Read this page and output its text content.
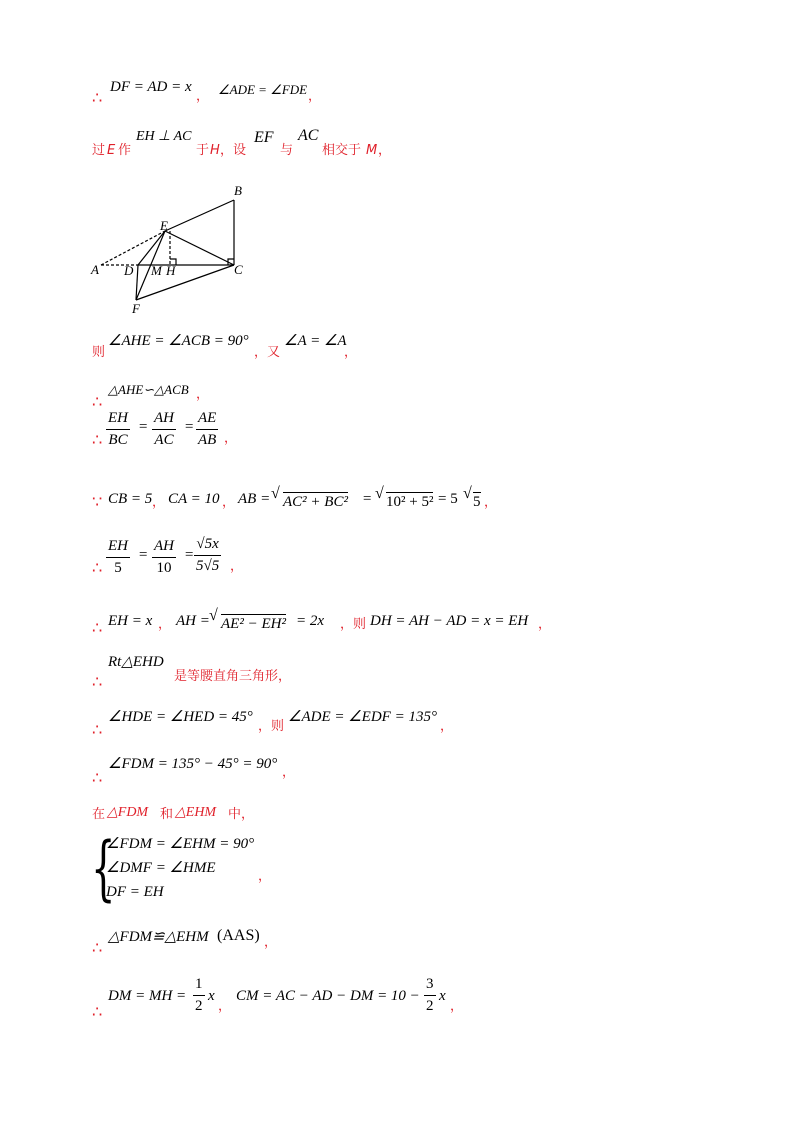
∴
DF = AD = x
， ∠ADE = ∠FDE ，
过 E 作
EH ⊥ AC
于 H ，设
EF
与
AC
相交于 M ，
B
E
A D M H	C
F
则
∠AHE = ∠ACB = 90°
，又
∠A = ∠A
，
∴
△AHE∽△ACB ，
∴ $\frac{EH}{BC} = \frac{AH}{AC} = \frac{AE}{AB}$ ，
∵ CB = 5 ， CA = 10 ， AB = √ AC² + BC² = √ 10² + 5² = 5 √ 5 ，
∴ $\frac{EH}{5} = \frac{AH}{10} = \frac{√5x}{5√5}$ ，
∴ EH = x ， AH = √ AE² − EH² = 2x ，则 DH = AH − AD = x = EH ，
∴
Rt△EHD
是等腰直角三角形，
∴
∠HDE = ∠HED = 45°
，则
∠ADE = ∠EDF = 135°
，
∴
∠FDM = 135° − 45° = 90°
，
在 △FDM 和 △EHM 中，
{
∠FDM = ∠EHM = 90°
∠DMF = ∠HME
DF = EH
，
∴
△FDM≌△EHM (AAS) ，
∴
DM = MH = $\frac{1}{2}$ x
，
CM = AC − AD − DM = $10 - \frac{3}{2}$ x
，
